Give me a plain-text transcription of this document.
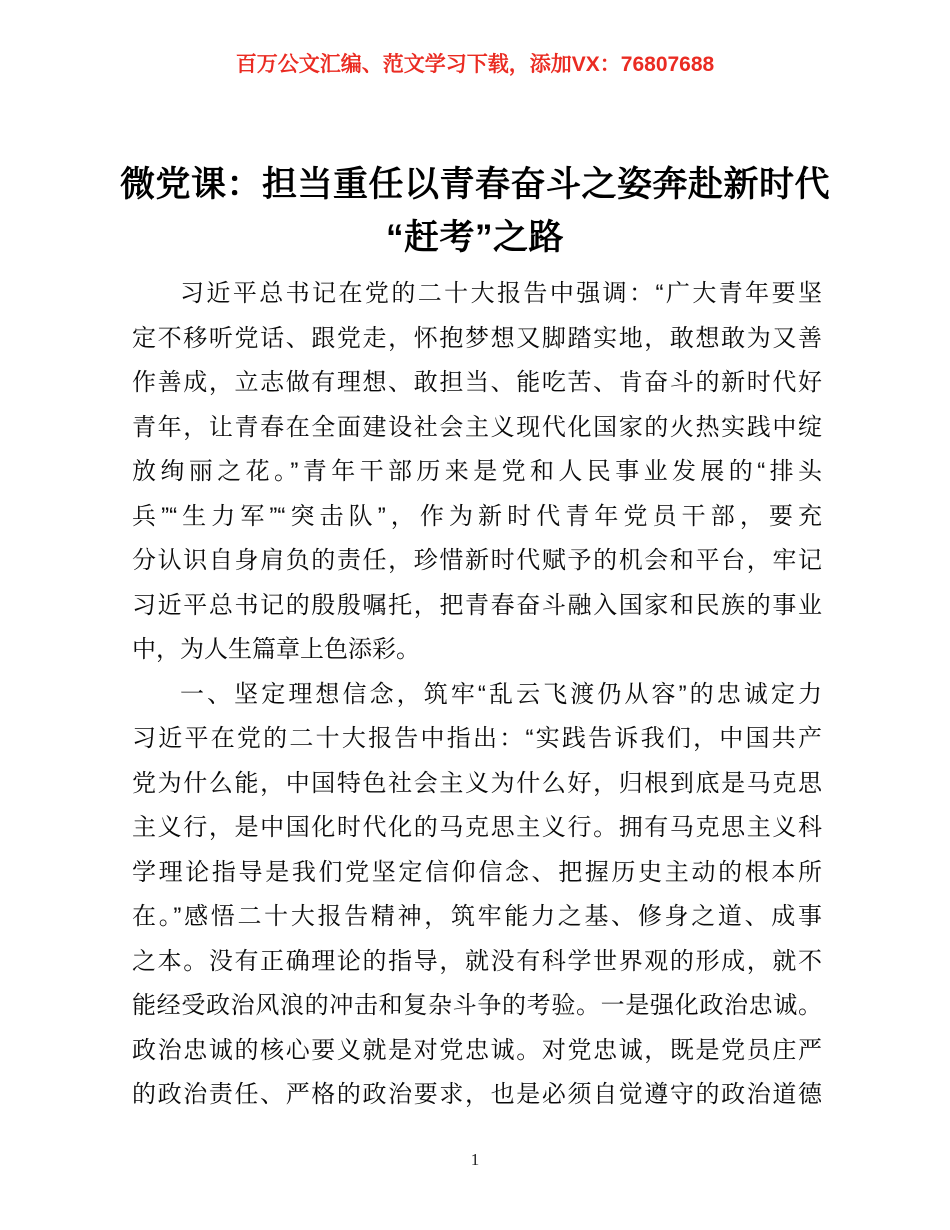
百万公文汇编、范文学习下载，添加VX：76807688
微党课：担当重任以青春奋斗之姿奔赴新时代
“赶考”之路
习近平总书记在党的二十大报告中强调：“广大青年要坚
定不移听党话、跟党走，怀抱梦想又脚踏实地，敢想敢为又善
作善成，立志做有理想、敢担当、能吃苦、肯奋斗的新时代好
青年，让青春在全面建设社会主义现代化国家的火热实践中绽
放绚丽之花。”青年干部历来是党和人民事业发展的“排头
兵”“生力军”“突击队”，作为新时代青年党员干部，要充
分认识自身肩负的责任，珍惜新时代赋予的机会和平台，牢记
习近平总书记的殷殷嘱托，把青春奋斗融入国家和民族的事业
中，为人生篇章上色添彩。
一、坚定理想信念，筑牢“乱云飞渡仍从容”的忠诚定力
习近平在党的二十大报告中指出：“实践告诉我们，中国共产
党为什么能，中国特色社会主义为什么好，归根到底是马克思
主义行，是中国化时代化的马克思主义行。拥有马克思主义科
学理论指导是我们党坚定信仰信念、把握历史主动的根本所
在。”感悟二十大报告精神，筑牢能力之基、修身之道、成事
之本。没有正确理论的指导，就没有科学世界观的形成，就不
能经受政治风浪的冲击和复杂斗争的考验。一是强化政治忠诚。
政治忠诚的核心要义就是对党忠诚。对党忠诚，既是党员庄严
的政治责任、严格的政治要求，也是必须自觉遵守的政治道德
1
